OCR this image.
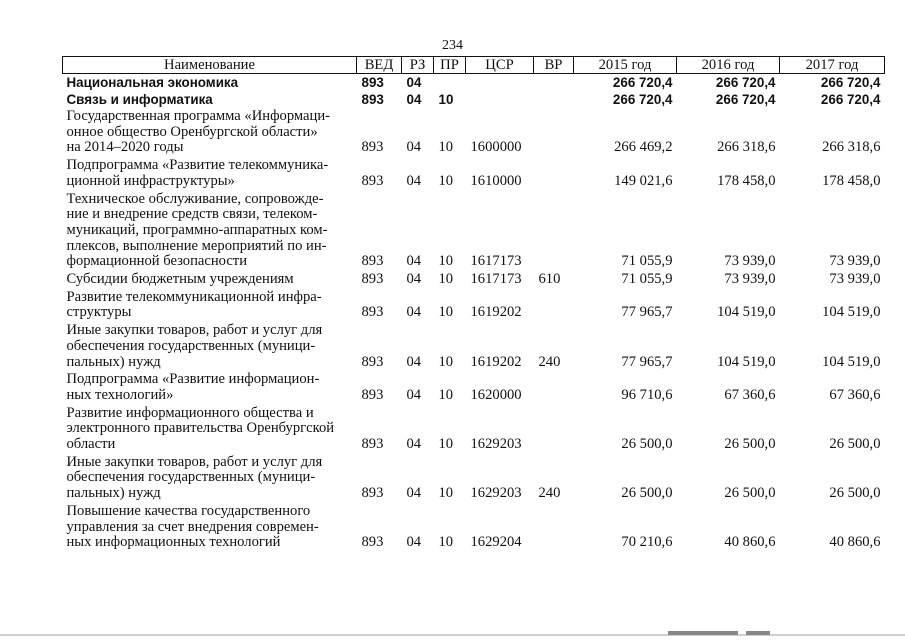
234
Наименование	ВЕД	РЗ	ПР	ЦСР	ВР	2015 год	2016 год	2017 год
Национальная экономика	893	04				266 720,4	266 720,4	266 720,4
Связь и информатика	893	04	10			266 720,4	266 720,4	266 720,4

Государственная программа «Информаци-
онное общество Оренбургской области»
на 2014–2020 годы	893	04	10	1600000		266 469,2	266 318,6	266 318,6

Подпрограмма «Развитие телекоммуника-
ционной инфраструктуры»	893	04	10	1610000		149 021,6	178 458,0	178 458,0

Техническое обслуживание, сопровожде-
ние и внедрение средств связи, телеком-
муникаций, программно-аппаратных ком-
плексов, выполнение мероприятий по ин-
формационной безопасности	893	04	10	1617173		71 055,9	73 939,0	73 939,0

Субсидии бюджетным учреждениям	893	04	10	1617173	610	71 055,9	73 939,0	73 939,0

Развитие телекоммуникационной инфра-
структуры	893	04	10	1619202		77 965,7	104 519,0	104 519,0

Иные закупки товаров, работ и услуг для
обеспечения государственных (муници-
пальных) нужд	893	04	10	1619202	240	77 965,7	104 519,0	104 519,0

Подпрограмма «Развитие информацион-
ных технологий»	893	04	10	1620000		96 710,6	67 360,6	67 360,6

Развитие информационного общества и
электронного правительства Оренбургской
области	893	04	10	1629203		26 500,0	26 500,0	26 500,0

Иные закупки товаров, работ и услуг для
обеспечения государственных (муници-
пальных) нужд	893	04	10	1629203	240	26 500,0	26 500,0	26 500,0

Повышение качества государственного
управления за счет внедрения современ-
ных информационных технологий	893	04	10	1629204		70 210,6	40 860,6	40 860,6
